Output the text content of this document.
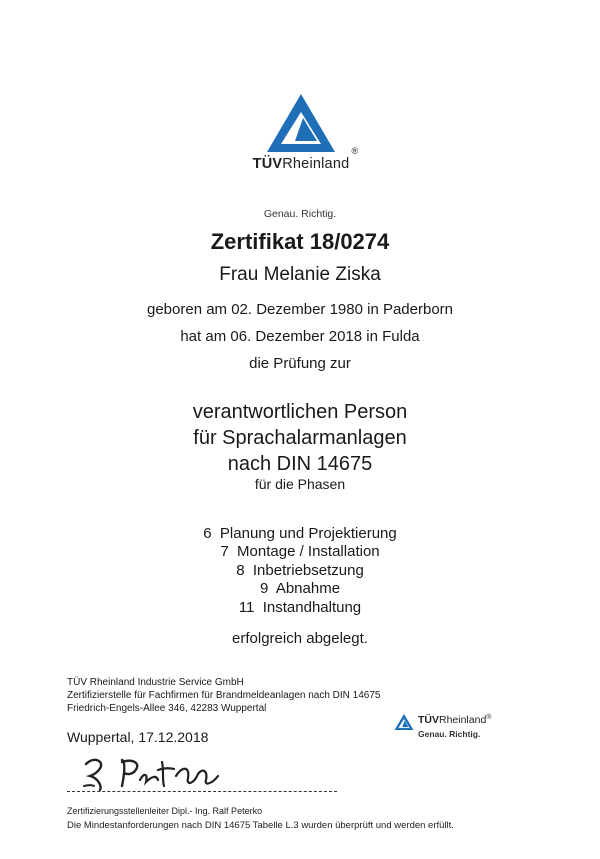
TÜVRheinland
®
Genau. Richtig.
Zertifikat 18/0274
Frau Melanie Ziska
geboren am 02. Dezember 1980 in Paderborn
hat am 06. Dezember 2018 in Fulda
die Prüfung zur
verantwortlichen Person
für Sprachalarmanlagen
nach DIN 14675
für die Phasen
6  Planung und Projektierung
7  Montage / Installation
8  Inbetriebsetzung
9  Abnahme
11  Instandhaltung
erfolgreich abgelegt.
TÜV Rheinland Industrie Service GmbH
Zertifizierstelle für Fachfirmen für Brandmeldeanlagen nach DIN 14675
Friedrich-Engels-Allee 346, 42283 Wuppertal
TÜVRheinland®
Genau. Richtig.
Wuppertal, 17.12.2018
Zertifizierungsstellenleiter Dipl.- Ing. Ralf Peterko
Die Mindestanforderungen nach DIN 14675 Tabelle L.3 wurden überprüft und werden erfüllt.
